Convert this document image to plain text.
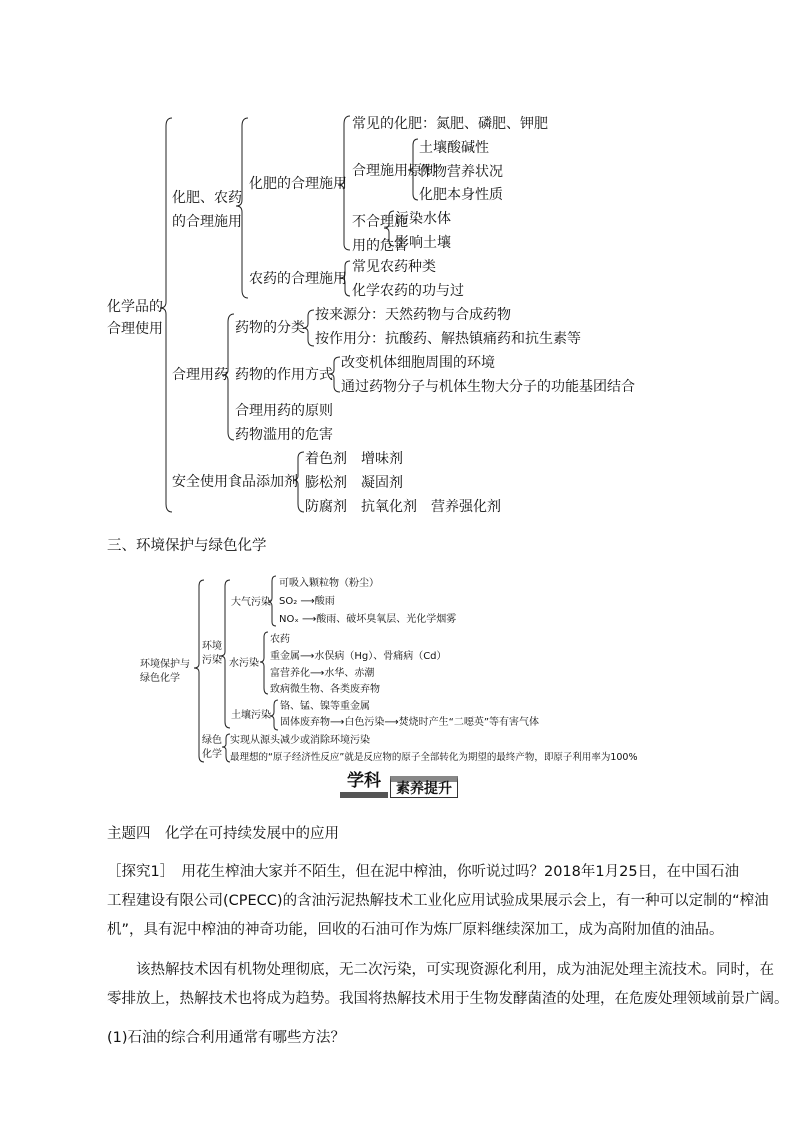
化学品的
合理使用
化肥、农药
的合理施用
化肥的合理施用
常见的化肥：氮肥、磷肥、钾肥
合理施用原则
土壤酸碱性
作物营养状况
化肥本身性质
不合理施
用的危害
污染水体
影响土壤
农药的合理施用
常见农药种类
化学农药的功与过
合理用药
药物的分类
按来源分：天然药物与合成药物
按作用分：抗酸药、解热镇痛药和抗生素等
药物的作用方式
改变机体细胞周围的环境
通过药物分子与机体生物大分子的功能基团结合
合理用药的原则
药物滥用的危害
安全使用食品添加剂
着色剂　增味剂
膨松剂　凝固剂
防腐剂　抗氧化剂　营养强化剂
三、环境保护与绿色化学
环境保护与
绿色化学
环境
污染
大气污染
可吸入颗粒物（粉尘）
SO₂ ⟶酸雨
NOₓ ⟶酸雨、破坏臭氧层、光化学烟雾
水污染
农药
重金属⟶水俣病（Hg）、骨痛病（Cd）
富营养化⟶水华、赤潮
致病微生物、各类废弃物
土壤污染
铬、锰、镍等重金属
固体废弃物⟶白色污染⟶焚烧时产生“二噁英”等有害气体
绿色
化学
实现从源头减少或消除环境污染
最理想的“原子经济性反应”就是反应物的原子全部转化为期望的最终产物，即原子利用率为100%
学科	素养提升
主题四　化学在可持续发展中的应用
［探究1］　用花生榨油大家并不陌生，但在泥中榨油，你听说过吗？2018年1月25日，在中国石油
工程建设有限公司(CPECC)的含油污泥热解技术工业化应用试验成果展示会上，有一种可以定制的“榨油
机”，具有泥中榨油的神奇功能，回收的石油可作为炼厂原料继续深加工，成为高附加值的油品。
该热解技术因有机物处理彻底，无二次污染，可实现资源化利用，成为油泥处理主流技术。同时，在
零排放上，热解技术也将成为趋势。我国将热解技术用于生物发酵菌渣的处理，在危废处理领域前景广阔。
(1)石油的综合利用通常有哪些方法？
